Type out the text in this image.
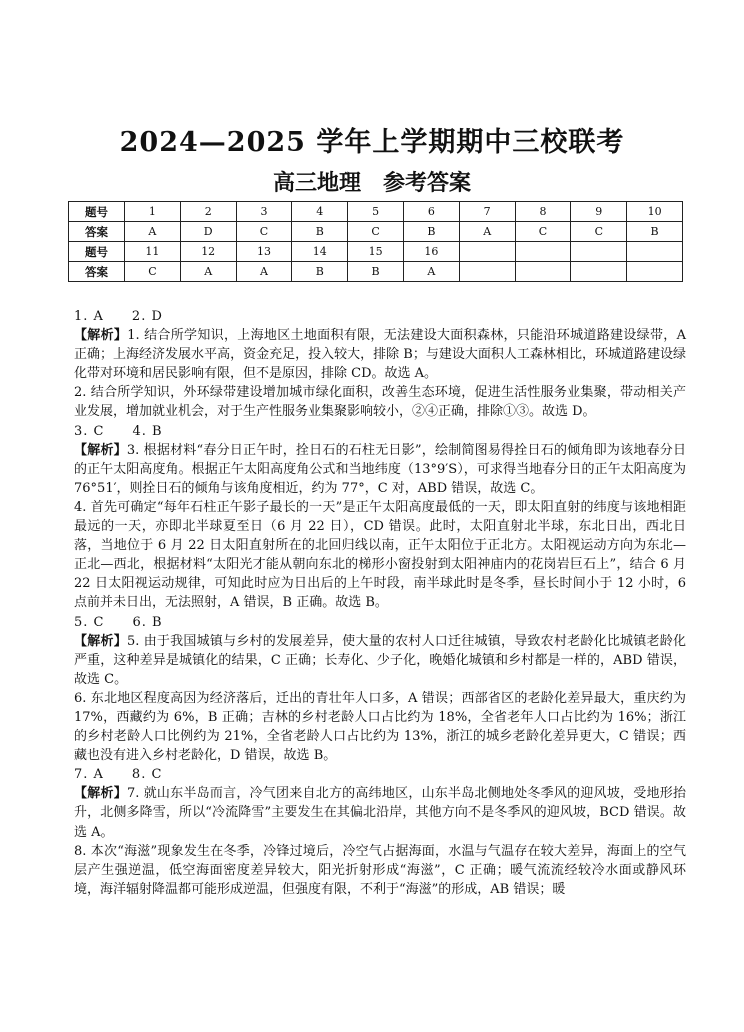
2024—2025 学年上学期期中三校联考
高三地理　参考答案
题号	1	2	3	4	5	6	7	8	9	10
答案	A	D	C	B	C	B	A	C	C	B
题号	11	12	13	14	15	16				
答案	C	A	A	B	B	A				

1. A　　2. D

【解析】1. 结合所学知识，上海地区土地面积有限，无法建设大面积森林，只能沿环城道路建设绿带，A 正确；上海经济发展水平高，资金充足，投入较大，排除 B；与建设大面积人工森林相比，环城道路建设绿化带对环境和居民影响有限，但不是原因，排除 CD。故选 A。

2. 结合所学知识，外环绿带建设增加城市绿化面积，改善生态环境，促进生活性服务业集聚，带动相关产业发展，增加就业机会，对于生产性服务业集聚影响较小，②④正确，排除①③。故选 D。

3. C　　4. B

【解析】3. 根据材料“春分日正午时，拴日石的石柱无日影”，绘制简图易得拴日石的倾角即为该地春分日的正午太阳高度角。根据正午太阳高度角公式和当地纬度（13°9′S），可求得当地春分日的正午太阳高度为 76°51′，则拴日石的倾角与该角度相近，约为 77°，C 对，ABD 错误，故选 C。

4. 首先可确定“每年石柱正午影子最长的一天”是正午太阳高度最低的一天，即太阳直射的纬度与该地相距最远的一天，亦即北半球夏至日（6 月 22 日），CD 错误。此时，太阳直射北半球，东北日出，西北日落，当地位于 6 月 22 日太阳直射所在的北回归线以南，正午太阳位于正北方。太阳视运动方向为东北—正北—西北，根据材料“太阳光才能从朝向东北的梯形小窗投射到太阳神庙内的花岗岩巨石上”，结合 6 月 22 日太阳视运动规律，可知此时应为日出后的上午时段，南半球此时是冬季，昼长时间小于 12 小时，6 点前并未日出，无法照射，A 错误，B 正确。故选 B。

5. C　　6. B

【解析】5. 由于我国城镇与乡村的发展差异，使大量的农村人口迁往城镇，导致农村老龄化比城镇老龄化严重，这种差异是城镇化的结果，C 正确；长寿化、少子化，晚婚化城镇和乡村都是一样的，ABD 错误，故选 C。

6. 东北地区程度高因为经济落后，迁出的青壮年人口多，A 错误；西部省区的老龄化差异最大，重庆约为 17%，西藏约为 6%，B 正确；吉林的乡村老龄人口占比约为 18%，全省老年人口占比约为 16%；浙江的乡村老龄人口比例约为 21%，全省老龄人口占比约为 13%，浙江的城乡老龄化差异更大，C 错误；西藏也没有进入乡村老龄化，D 错误，故选 B。

7. A　　8. C

【解析】7. 就山东半岛而言，冷气团来自北方的高纬地区，山东半岛北侧地处冬季风的迎风坡，受地形抬升，北侧多降雪，所以“冷流降雪”主要发生在其偏北沿岸，其他方向不是冬季风的迎风坡，BCD 错误。故选 A。

8. 本次“海滋”现象发生在冬季，冷锋过境后，冷空气占据海面，水温与气温存在较大差异，海面上的空气层产生强逆温，低空海面密度差异较大，阳光折射形成“海滋”，C 正确；暖气流流经较冷水面或静风环境，海洋辐射降温都可能形成逆温，但强度有限，不利于“海滋”的形成，AB 错误；暖
